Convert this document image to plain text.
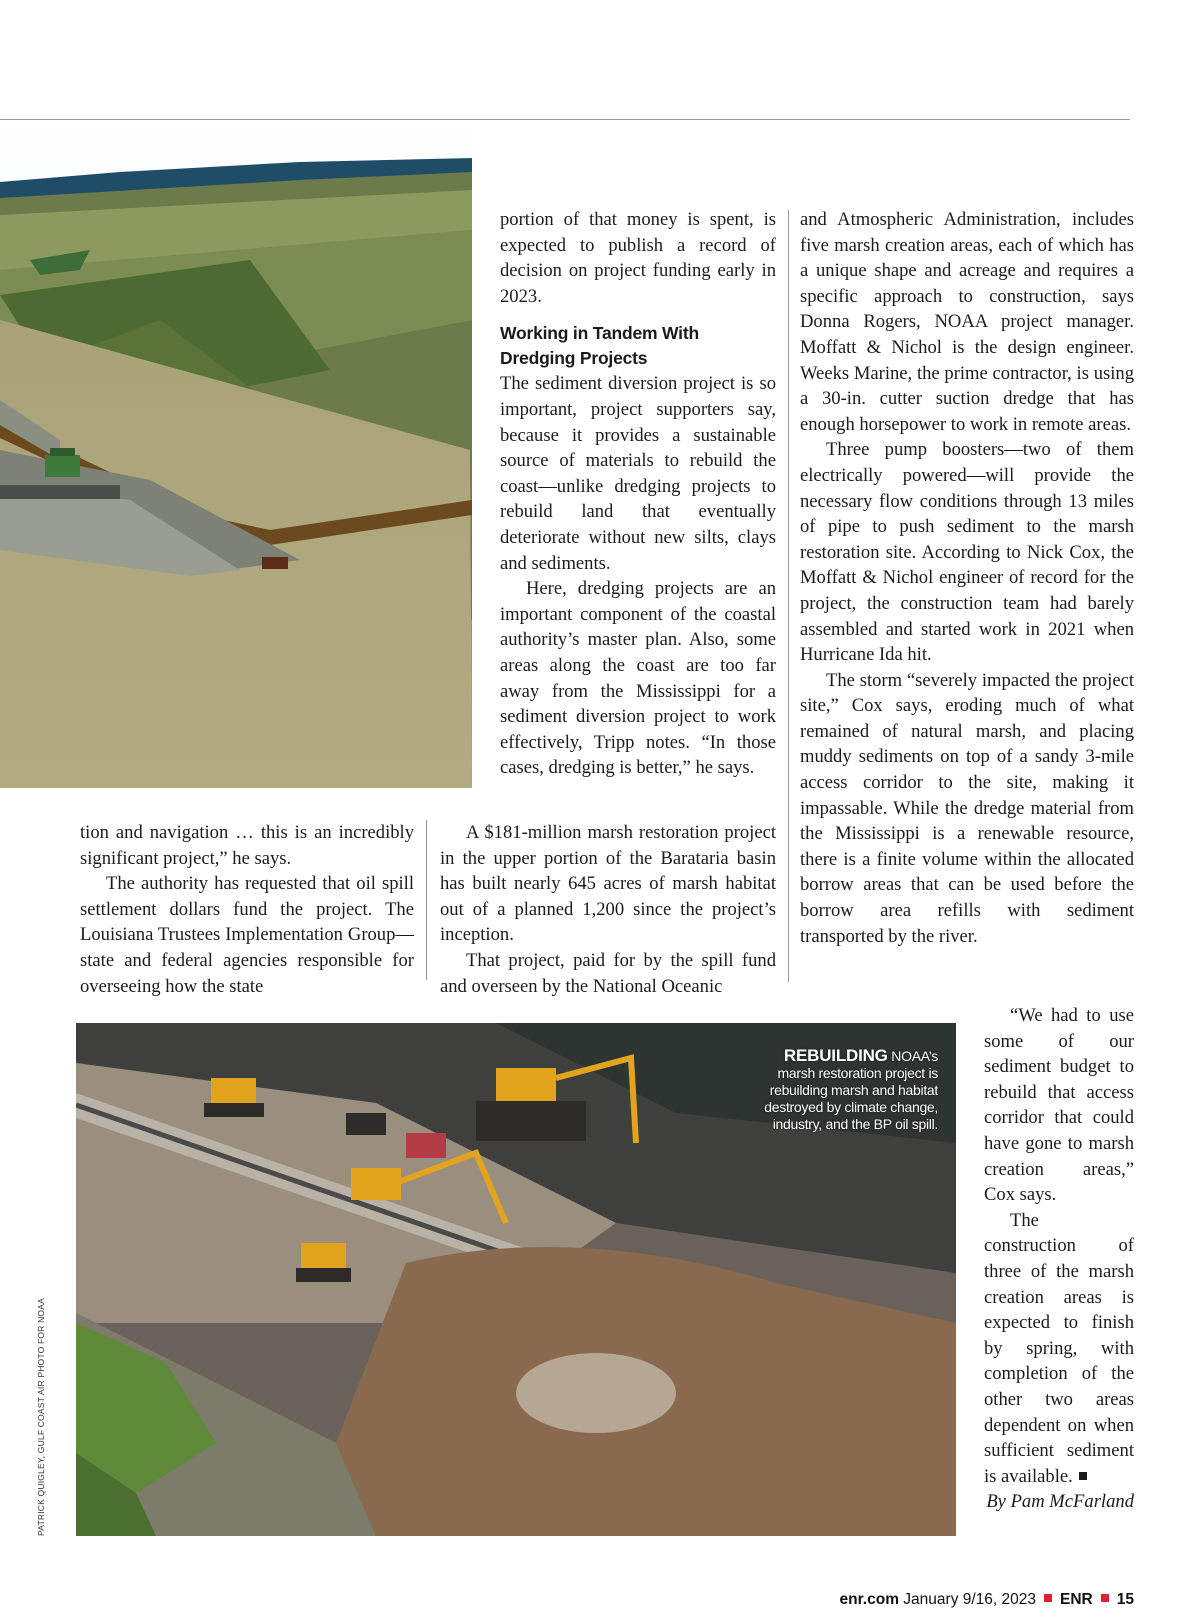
tion and navigation … this is an incredibly significant project,” he says.

The authority has requested that oil spill settlement dollars fund the project. The Louisiana Trustees Implementation Group—state and federal agencies responsible for overseeing how the state

portion of that money is spent, is expected to publish a record of decision on project funding early in 2023.

Working in Tandem With Dredging Projects

The sediment diversion project is so important, project supporters say, because it provides a sustainable source of materials to rebuild the coast—unlike dredging projects to rebuild land that eventually deteriorate without new silts, clays and sediments.

Here, dredging projects are an important component of the coastal authority’s master plan. Also, some areas along the coast are too far away from the Mississippi for a sediment diversion project to work effectively, Tripp notes. “In those cases, dredging is better,” he says.

A $181-million marsh restoration project in the upper portion of the Barataria basin has built nearly 645 acres of marsh habitat out of a planned 1,200 since the project’s inception.

That project, paid for by the spill fund and overseen by the National Oceanic

and Atmospheric Administration, includes five marsh creation areas, each of which has a unique shape and acreage and requires a specific approach to construction, says Donna Rogers, NOAA project manager. Moffatt & Nichol is the design engineer. Weeks Marine, the prime contractor, is using a 30-in. cutter suction dredge that has enough horsepower to work in remote areas.

Three pump boosters—two of them electrically powered—will provide the necessary flow conditions through 13 miles of pipe to push sediment to the marsh restoration site. According to Nick Cox, the Moffatt & Nichol engineer of record for the project, the construction team had barely assembled and started work in 2021 when Hurricane Ida hit.

The storm “severely impacted the project site,” Cox says, eroding much of what remained of natural marsh, and placing muddy sediments on top of a sandy 3-mile access corridor to the site, making it impassable. While the dredge material from the Mississippi is a renewable resource, there is a finite volume within the allocated borrow areas that can be used before the borrow area refills with sediment transported by the river.

“We had to use some of our sediment budget to rebuild that access corridor that could have gone to marsh creation areas,” Cox says.

The construction of three of the marsh creation areas is expected to finish by spring, with completion of the other two areas dependent on when sufficient sediment is available.

By Pam McFarland

REBUILDING NOAA’s marsh restoration project is rebuilding marsh and habitat destroyed by climate change, industry, and the BP oil spill.
PATRICK QUIGLEY, GULF COAST AIR PHOTO FOR NOAA
enr.com January 9/16, 2023 ENR 15
